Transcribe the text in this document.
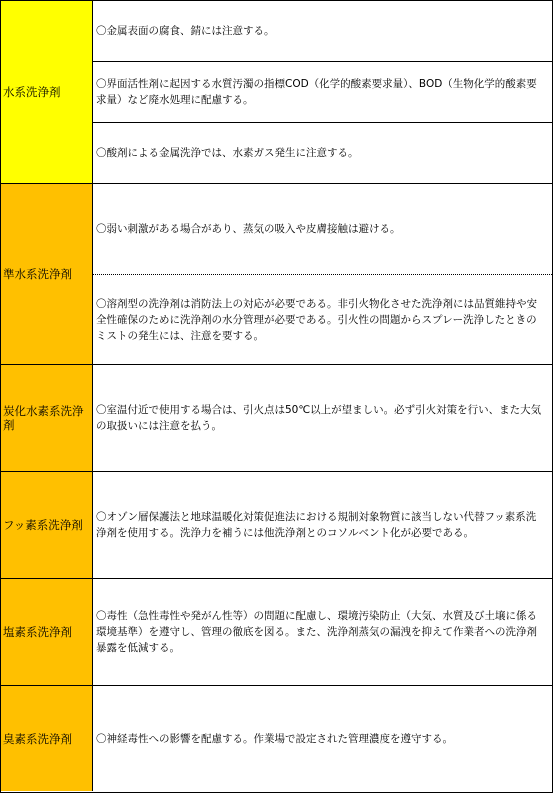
水系洗浄剤
〇金属表面の腐食、錆には注意する。
〇界面活性剤に起因する水質汚濁の指標COD（化学的酸素要求量）、BOD（生物化学的酸素要求量）など廃水処理に配慮する。
〇酸剤による金属洗浄では、水素ガス発生に注意する。
準水系洗浄剤
〇弱い刺激がある場合があり、蒸気の吸入や皮膚接触は避ける。
〇溶剤型の洗浄剤は消防法上の対応が必要である。非引火物化させた洗浄剤には品質維持や安全性確保のために洗浄剤の水分管理が必要である。引火性の問題からスプレー洗浄したときのミストの発生には、注意を要する。
炭化水素系洗浄剤
〇室温付近で使用する場合は、引火点は50℃以上が望ましい。必ず引火対策を行い、また大気の取扱いには注意を払う。
フッ素系洗浄剤
〇オゾン層保護法と地球温暖化対策促進法における規制対象物質に該当しない代替フッ素系洗浄剤を使用する。洗浄力を補うには他洗浄剤とのコソルベント化が必要である。
塩素系洗浄剤
〇毒性（急性毒性や発がん性等）の問題に配慮し、環境汚染防止（大気、水質及び土壌に係る環境基準）を遵守し、管理の徹底を図る。また、洗浄剤蒸気の漏洩を抑えて作業者への洗浄剤暴露を低減する。
臭素系洗浄剤	〇神経毒性への影響を配慮する。作業場で設定された管理濃度を遵守する。
